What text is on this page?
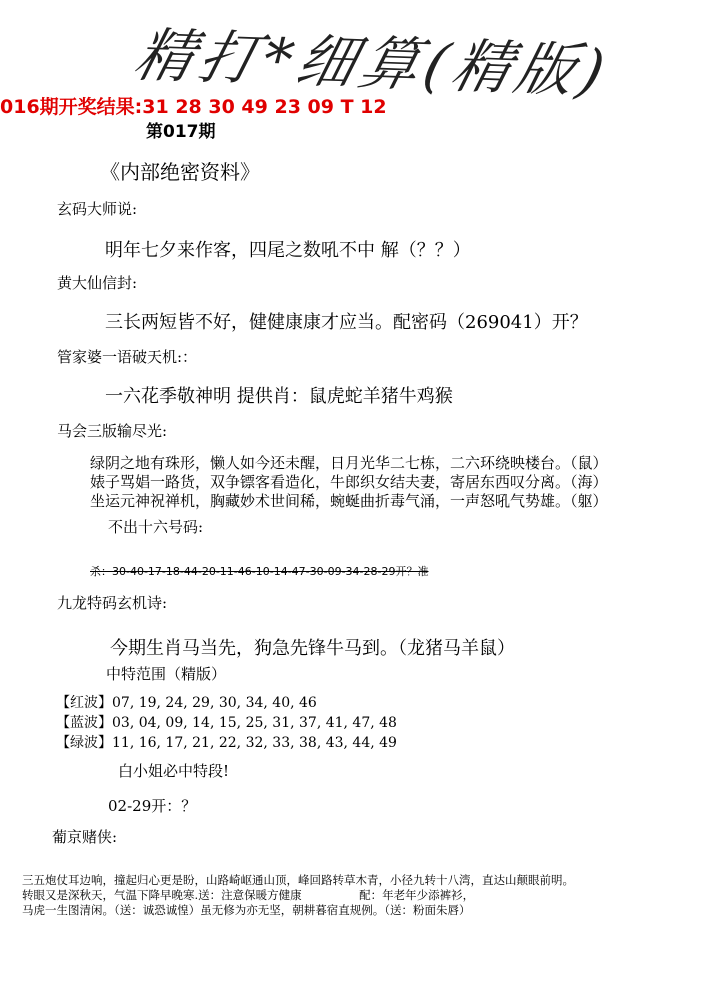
精打*细算(精版)
016期开奖结果:31 28 30 49 23 09 T 12
第017期
《内部绝密资料》
玄码大师说:
明年七夕来作客，四尾之数吼不中 解（？？）
黄大仙信封:
三长两短皆不好，健健康康才应当。配密码（269041）开？
管家婆一语破天机:：
一六花季敬神明 提供肖：鼠虎蛇羊猪牛鸡猴
马会三版输尽光:
绿阴之地有珠形，懒人如今还未醒，日月光华二七栋，二六环绕映楼台。（鼠）
婊子骂娼一路货，双争镖客看造化，牛郎织女结夫妻，寄居东西叹分离。（海）
坐运元神祝禅机，胸藏妙术世间稀，蜿蜒曲折毒气涌，一声怒吼气势雄。（躯）
不出十六号码:
杀：30-40-17-18-44-20-11-46-10-14-47-30-09-34-28-29开？准
九龙特码玄机诗:
今期生肖马当先，狗急先锋牛马到。（龙猪马羊鼠）
中特范围（精版）
【红波】07, 19, 24, 29, 30, 34, 40, 46
【蓝波】03, 04, 09, 14, 15, 25, 31, 37, 41, 47, 48
【绿波】11, 16, 17, 21, 22, 32, 33, 38, 43, 44, 49
白小姐必中特段!
02-29开：？
葡京赌侠:
三五炮仗耳边响，撞起归心更是盼，山路崎岖通山顶，峰回路转草木青，小径九转十八湾，直达山颠眼前明。
转眼又是深秋天，气温下降早晚寒.送：注意保暖方健康　　　　　配：年老年少添裤衫，
马虎一生图清闲。（送：诚恐诚惶）虽无修为亦无坚，朝耕暮宿直规例。（送：粉面朱唇）
